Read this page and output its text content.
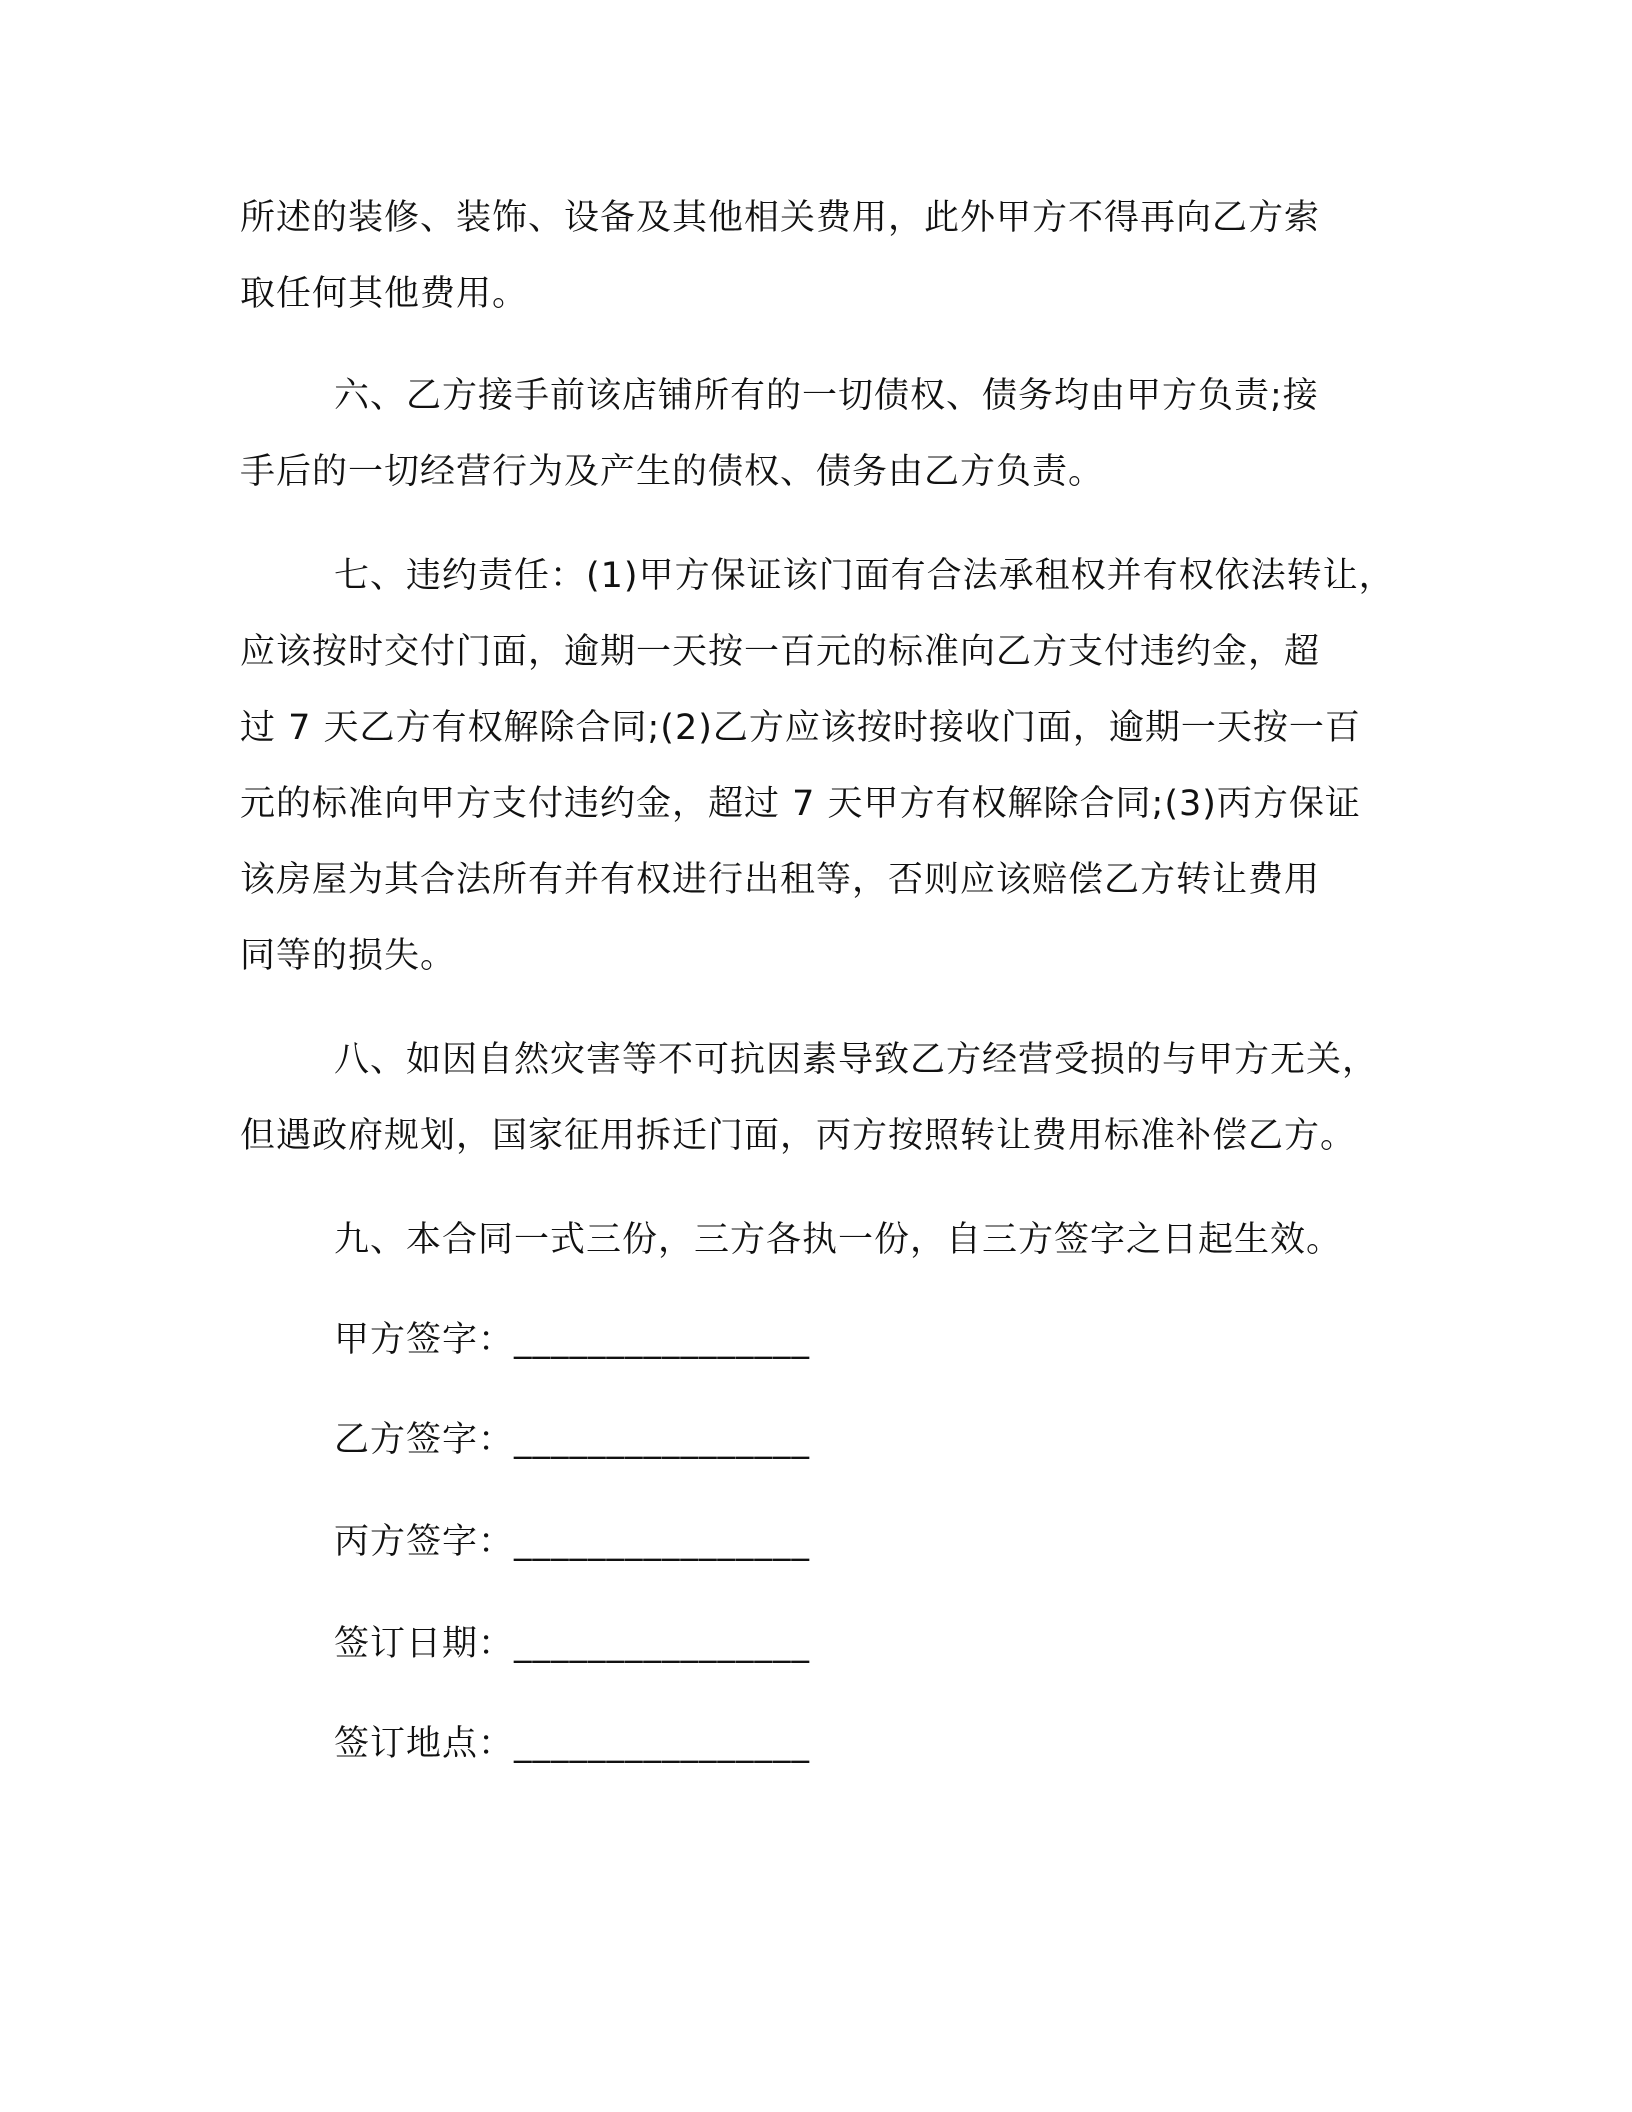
所述的装修、装饰、设备及其他相关费用，此外甲方不得再向乙方索
取任何其他费用。
六、乙方接手前该店铺所有的一切债权、债务均由甲方负责;接
手后的一切经营行为及产生的债权、债务由乙方负责。
七、违约责任：(1)甲方保证该门面有合法承租权并有权依法转让，
应该按时交付门面，逾期一天按一百元的标准向乙方支付违约金，超
过 7 天乙方有权解除合同;(2)乙方应该按时接收门面，逾期一天按一百
元的标准向甲方支付违约金，超过 7 天甲方有权解除合同;(3)丙方保证
该房屋为其合法所有并有权进行出租等，否则应该赔偿乙方转让费用
同等的损失。
八、如因自然灾害等不可抗因素导致乙方经营受损的与甲方无关，
但遇政府规划，国家征用拆迁门面，丙方按照转让费用标准补偿乙方。
九、本合同一式三份，三方各执一份，自三方签字之日起生效。
甲方签字：________________
乙方签字：________________
丙方签字：________________
签订日期：________________
签订地点：________________
